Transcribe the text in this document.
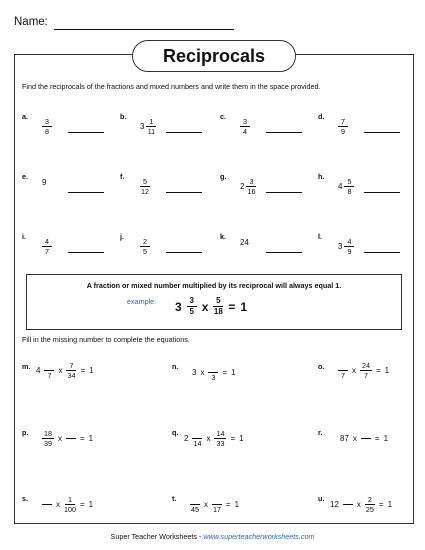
Name:
Reciprocals
Find the reciprocals of the fractions and mixed numbers and write them in the space provided.
a.
$\frac{3}{8}$
b.
$3 \frac{1}{11}$
c.
$\frac{3}{4}$
d.
$\frac{7}{9}$
e.
9
f.
$\frac{5}{12}$
g.
$2 \frac{3}{16}$
h.
$4 \frac{5}{8}$
i.
$\frac{4}{7}$
j.
$\frac{2}{5}$
k.
24
l.
$3 \frac{4}{9}$
A fraction or mixed number multiplied by its reciprocal will always equal 1.
example: $3 \frac{3}{5}$ x $\frac{5}{18} = 1$
Fill in the missing number to complete the equations.
m. 4
7
x $\frac{7}{34} = 1$	n.
3 x
3
= 1
o.
7
x $\frac{24}{7} = 1$
p. $\frac{18}{39}$ x = 1
q.
2
14
x $\frac{14}{33} = 1$
r.
87 x = 1
s.
x $\frac{1}{100} = 1$
t.
45
x
17
= 1
u.
12 x $\frac{2}{25} = 1$
Super Teacher Worksheets - www.superteacherworksheets.com
